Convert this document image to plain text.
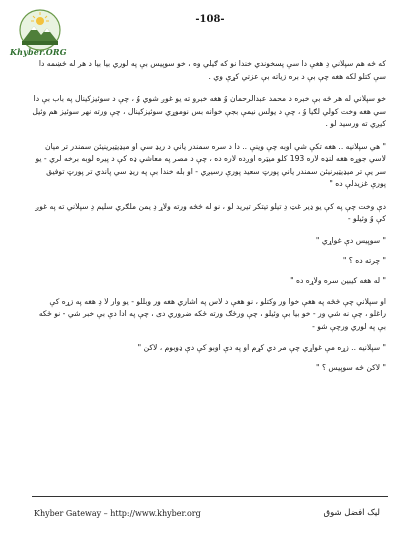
Khyber.ORG
-108-

که څه هم سپلاني دِ هغې دا سې پسخوندي خندا نو که ګیلي وه ، خو سوپیس بې په لوري بیا بیا د هر له څښمه دا سې کتلو لکه هغه چې بې د بره زیاته بې عزتي کړې وي .

خو سپلاني له هر څه بې خبره د محمد عبدالرحمان وُ هغه خبرو ته یو غوږ شوي وُ ، چې د سوئیزکینال په باب بې دا سي هغه وخت کولي لګیا وُ ، چې د یولس نیمې بجې خوانه بس نوموړي سوئیزکینال ، چې ورته نهر سوئیز هم وئیل کیږي ته ورسید لو .

" هي سپلانیه .. هغه تکې شي اوبه چې وینې .. دا د سره سمندر یاني د ریډ سي او میډیټیرینیئن سمندر تر میان لاسي جوړه هغه لنډه لاره 193 کلو میټره اوږده لاره ده ، چې د مصر په معاشي ډه کې د پیره لوبه برخه لري - یو سر یې تر میډیټیرنیئن سمندر یاني پورټ سعید پورې رسیږي - او بله خندا بې په ریډ سي پاندي تر پورټ توفیق پورې غزیدلې ده "

دې وخت چې په کې یو ډیر غټ دِ تیلو تیتکر تیرید لو ، نو له څڅه ورته ولاړ دِ یمن ملګري سلیم دِ سپلاني ته په غوږ کې وُ وئیلو -

" سوپیس دې غواړي "

" چرته ده ؟ "

" له هغه کیبین سره ولاړه ده "

او سپلاني چې څڅه په هغې خوا ور وکتلو ، نو هغې د لاس په اشاري هغه ور وبللو - یو وار لا دِ هغه په زړه کې راغلو ، چې نه شي ور - خو بیا بې وئیلو ، چې ورځګ ورته ځکه ضروري دی ، چې په ادا دې بې خبر شي - نو ځکه بې په لوري ورچې شو -

" سپلانیه .. زړه مې غواړي چې مر دي کړم او په دې اوبو کې دې ډوبوم ، لاکن "

" لاکن څه سوپیس ؟ "

Khyber Gateway – http://www.khyber.org	لیک افضل شوق
